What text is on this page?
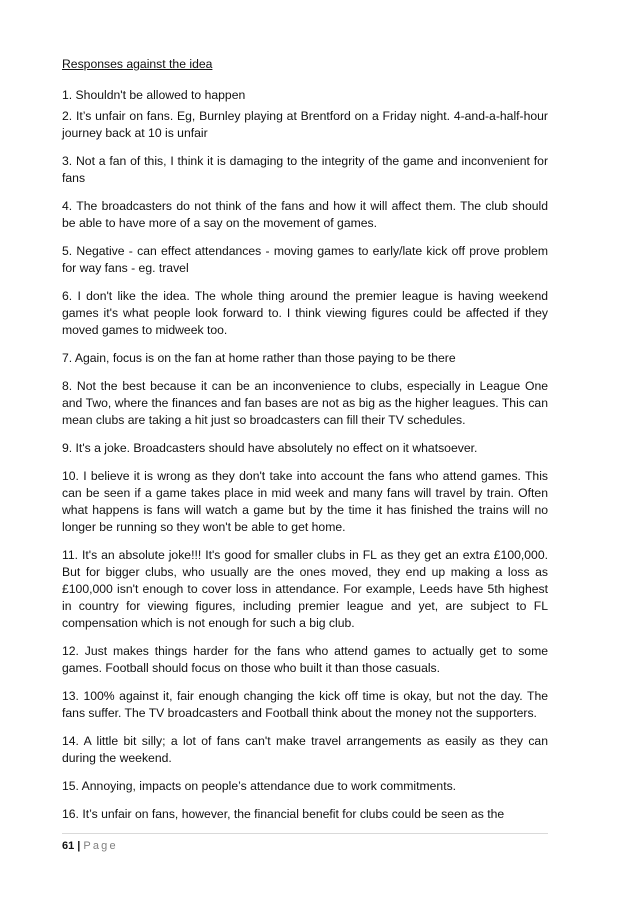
Responses against the idea

1. Shouldn't be allowed to happen

2. It’s unfair on fans. Eg, Burnley playing at Brentford on a Friday night. 4-and-a-half-hour journey back at 10 is unfair

3. Not a fan of this, I think it is damaging to the integrity of the game and inconvenient for fans

4. The broadcasters do not think of the fans and how it will affect them. The club should be able to have more of a say on the movement of games.

5. Negative - can effect attendances - moving games to early/late kick off prove problem for way fans - eg. travel

6. I don't like the idea. The whole thing around the premier league is having weekend games it's what people look forward to. I think viewing figures could be affected if they moved games to midweek too.

7. Again, focus is on the fan at home rather than those paying to be there

8. Not the best because it can be an inconvenience to clubs, especially in League One and Two, where the finances and fan bases are not as big as the higher leagues. This can mean clubs are taking a hit just so broadcasters can fill their TV schedules.

9. It's a joke. Broadcasters should have absolutely no effect on it whatsoever.

10. I believe it is wrong as they don't take into account the fans who attend games. This can be seen if a game takes place in mid week and many fans will travel by train. Often what happens is fans will watch a game but by the time it has finished the trains will no longer be running so they won't be able to get home.

11. It's an absolute joke!!! It's good for smaller clubs in FL as they get an extra £100,000. But for bigger clubs, who usually are the ones moved, they end up making a loss as £100,000 isn't enough to cover loss in attendance. For example, Leeds have 5th highest in country for viewing figures, including premier league and yet, are subject to FL compensation which is not enough for such a big club.

12. Just makes things harder for the fans who attend games to actually get to some games. Football should focus on those who built it than those casuals.

13. 100% against it, fair enough changing the kick off time is okay, but not the day. The fans suffer. The TV broadcasters and Football think about the money not the supporters.

14. A little bit silly; a lot of fans can't make travel arrangements as easily as they can during the weekend.

15. Annoying, impacts on people’s attendance due to work commitments.

16. It’s unfair on fans, however, the financial benefit for clubs could be seen as the

61 | Page
